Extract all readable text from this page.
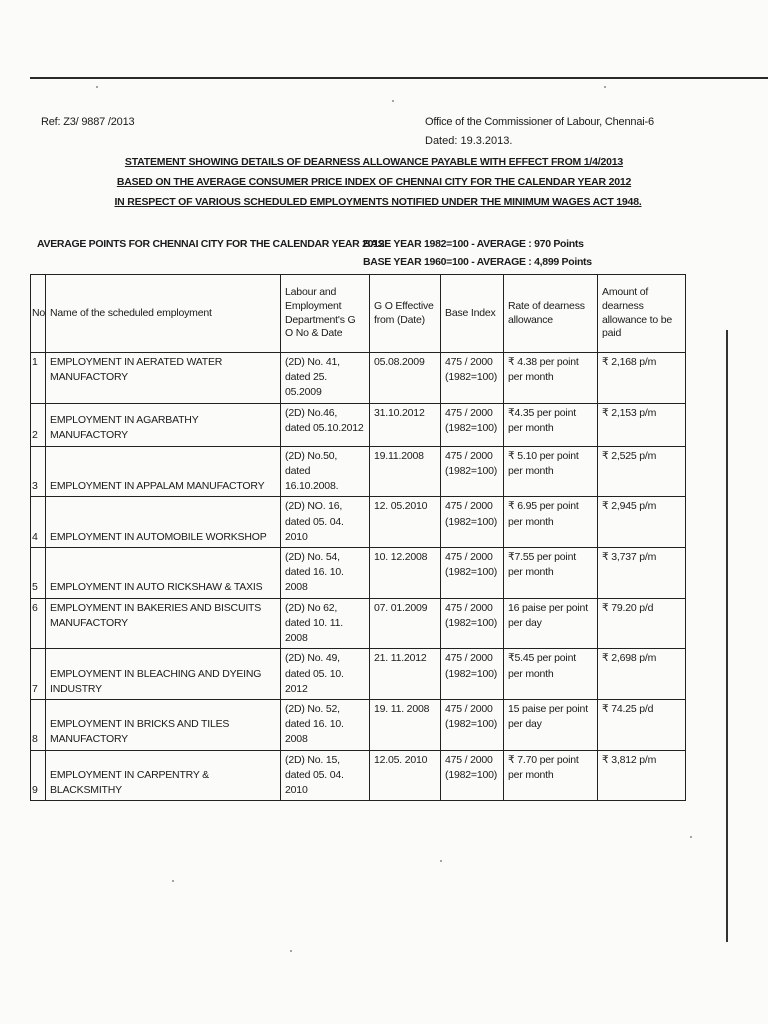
Ref: Z3/ 9887 /2013	Office of the Commissioner of Labour, Chennai-6
Dated: 19.3.2013.
STATEMENT SHOWING DETAILS OF DEARNESS ALLOWANCE PAYABLE WITH EFFECT FROM 1/4/2013
BASED ON THE AVERAGE CONSUMER PRICE INDEX OF CHENNAI CITY FOR THE CALENDAR YEAR 2012
IN RESPECT OF VARIOUS SCHEDULED EMPLOYMENTS NOTIFIED UNDER THE MINIMUM WAGES ACT 1948.
AVERAGE POINTS FOR CHENNAI CITY FOR THE CALENDAR YEAR 2012:
BASE YEAR 1982=100 - AVERAGE : 970 Points
BASE YEAR 1960=100 - AVERAGE : 4,899 Points
No	Name of the scheduled employment	Labour and Employment Department's G O No & Date	G O Effective from (Date)	Base Index	Rate of dearness allowance	Amount of dearness allowance to be paid
1	EMPLOYMENT IN AERATED WATER MANUFACTORY	(2D) No. 41,
dated 25. 05.2009	05.08.2009	475 / 2000 (1982=100)	₹ 4.38 per point per month	₹ 2,168 p/m
2	EMPLOYMENT IN AGARBATHY MANUFACTORY	(2D) No.46,
dated 05.10.2012	31.10.2012	475 / 2000 (1982=100)	₹4.35 per point per month	₹ 2,153 p/m
3	EMPLOYMENT IN APPALAM MANUFACTORY	(2D) No.50,
dated 16.10.2008.	19.11.2008	475 / 2000 (1982=100)	₹ 5.10 per point per month	₹ 2,525 p/m
4	EMPLOYMENT IN AUTOMOBILE WORKSHOP	(2D) NO. 16,
dated 05. 04. 2010	12. 05.2010	475 / 2000 (1982=100)	₹ 6.95 per point per month	₹ 2,945 p/m
5	EMPLOYMENT IN AUTO RICKSHAW & TAXIS	(2D) No. 54,
dated 16. 10. 2008	10. 12.2008	475 / 2000 (1982=100)	₹7.55 per point per month	₹ 3,737 p/m
6	EMPLOYMENT IN BAKERIES AND BISCUITS MANUFACTORY	(2D) No 62,
dated 10. 11. 2008	07. 01.2009	475 / 2000 (1982=100)	16 paise per point per day	₹ 79.20 p/d
7	EMPLOYMENT IN BLEACHING AND DYEING INDUSTRY	(2D) No. 49,
dated 05. 10. 2012	21. 11.2012	475 / 2000 (1982=100)	₹5.45 per point per month	₹ 2,698 p/m
8	EMPLOYMENT IN BRICKS AND TILES MANUFACTORY	(2D) No. 52,
dated 16. 10. 2008	19. 11. 2008	475 / 2000 (1982=100)	15 paise per point per day	₹ 74.25 p/d
9	EMPLOYMENT IN CARPENTRY & BLACKSMITHY	(2D) No. 15,
dated 05. 04. 2010	12.05. 2010	475 / 2000 (1982=100)	₹ 7.70 per point per month	₹ 3,812 p/m
